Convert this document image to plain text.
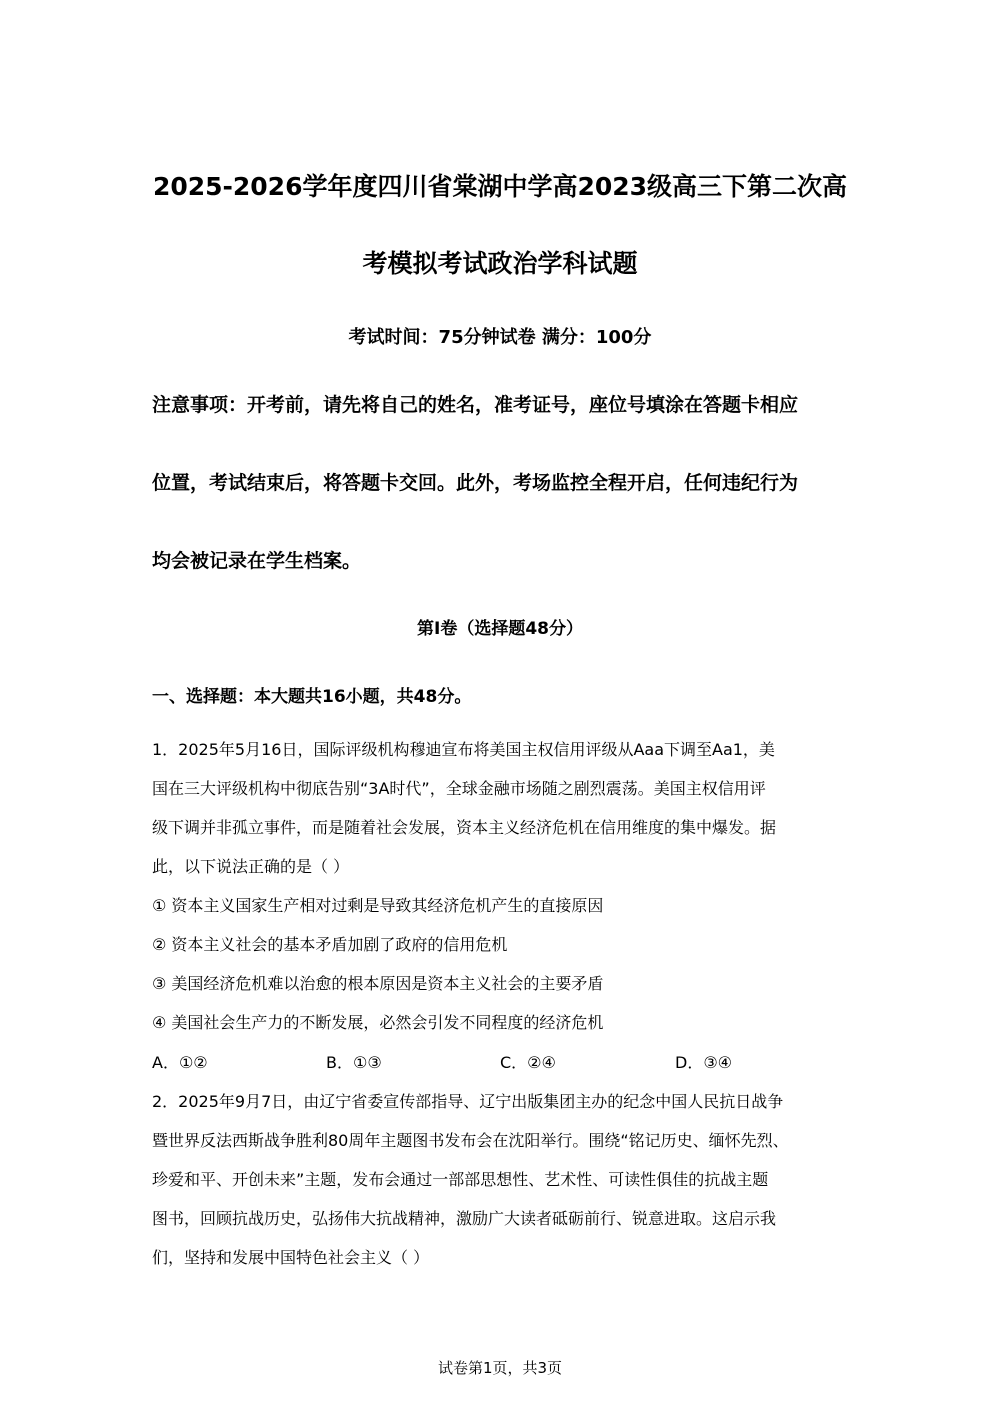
2025-2026学年度四川省棠湖中学高2023级高三下第二次高
考模拟考试政治学科试题
考试时间：75分钟试卷 满分：100分
注意事项：开考前，请先将自己的姓名，准考证号，座位号填涂在答题卡相应
位置，考试结束后，将答题卡交回。此外，考场监控全程开启，任何违纪行为
均会被记录在学生档案。
第I卷（选择题48分）
一、选择题：本大题共16小题，共48分。
1．2025年5月16日，国际评级机构穆迪宣布将美国主权信用评级从Aaa下调至Aa1，美
国在三大评级机构中彻底告别“3A时代”，全球金融市场随之剧烈震荡。美国主权信用评
级下调并非孤立事件，而是随着社会发展，资本主义经济危机在信用维度的集中爆发。据
此，以下说法正确的是（ ）
① 资本主义国家生产相对过剩是导致其经济危机产生的直接原因
② 资本主义社会的基本矛盾加剧了政府的信用危机
③ 美国经济危机难以治愈的根本原因是资本主义社会的主要矛盾
④ 美国社会生产力的不断发展，必然会引发不同程度的经济危机
A．①②	B．①③	C．②④	D．③④
2．2025年9月7日，由辽宁省委宣传部指导、辽宁出版集团主办的纪念中国人民抗日战争
暨世界反法西斯战争胜利80周年主题图书发布会在沈阳举行。围绕“铭记历史、缅怀先烈、
珍爱和平、开创未来”主题，发布会通过一部部思想性、艺术性、可读性俱佳的抗战主题
图书，回顾抗战历史，弘扬伟大抗战精神，激励广大读者砥砺前行、锐意进取。这启示我
们，坚持和发展中国特色社会主义（ ）
试卷第1页，共3页
